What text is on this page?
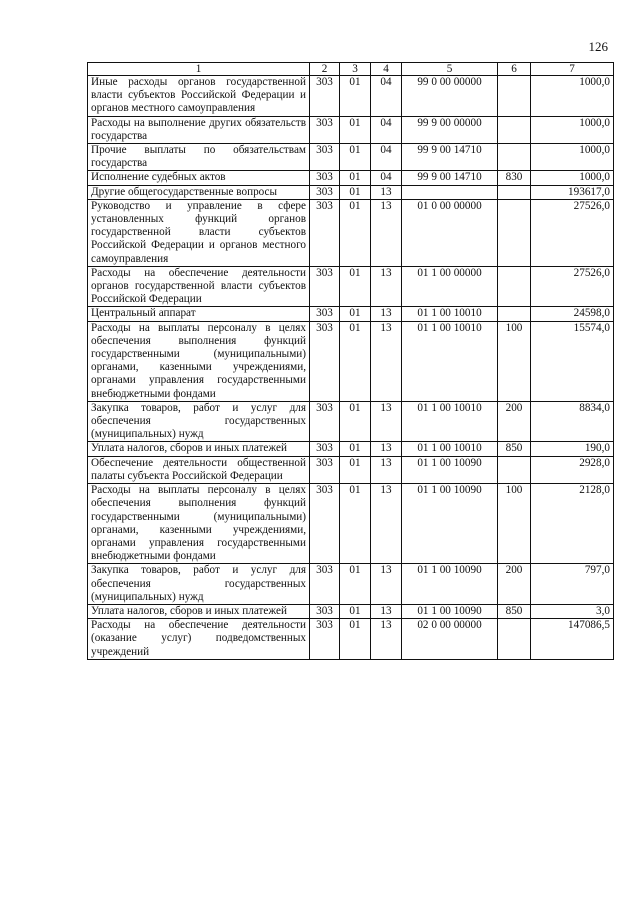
126
1	2	3	4	5	6	7
Иные расходы органов государственной власти субъектов Российской Федерации и органов местного самоуправления	303	01	04	99 0 00 00000		1000,0
Расходы на выполнение других обязательств государства	303	01	04	99 9 00 00000		1000,0
Прочие выплаты по обязательствам государства	303	01	04	99 9 00 14710		1000,0
Исполнение судебных актов	303	01	04	99 9 00 14710	830	1000,0
Другие общегосударственные вопросы	303	01	13			193617,0
Руководство и управление в сфере установленных функций органов государственной власти субъектов Российской Федерации и органов местного самоуправления	303	01	13	01 0 00 00000		27526,0
Расходы на обеспечение деятельности органов государственной власти субъектов Российской Федерации	303	01	13	01 1 00 00000		27526,0
Центральный аппарат	303	01	13	01 1 00 10010		24598,0
Расходы на выплаты персоналу в целях обеспечения выполнения функций государственными (муниципальными) органами, казенными учреждениями, органами управления государственными внебюджетными фондами	303	01	13	01 1 00 10010	100	15574,0
Закупка товаров, работ и услуг для обеспечения государственных (муниципальных) нужд	303	01	13	01 1 00 10010	200	8834,0
Уплата налогов, сборов и иных платежей	303	01	13	01 1 00 10010	850	190,0
Обеспечение деятельности общественной палаты субъекта Российской Федерации	303	01	13	01 1 00 10090		2928,0
Расходы на выплаты персоналу в целях обеспечения выполнения функций государственными (муниципальными) органами, казенными учреждениями, органами управления государственными внебюджетными фондами	303	01	13	01 1 00 10090	100	2128,0
Закупка товаров, работ и услуг для обеспечения государственных (муниципальных) нужд	303	01	13	01 1 00 10090	200	797,0
Уплата налогов, сборов и иных платежей	303	01	13	01 1 00 10090	850	3,0
Расходы на обеспечение деятельности (оказание услуг) подведомственных учреждений	303	01	13	02 0 00 00000		147086,5
